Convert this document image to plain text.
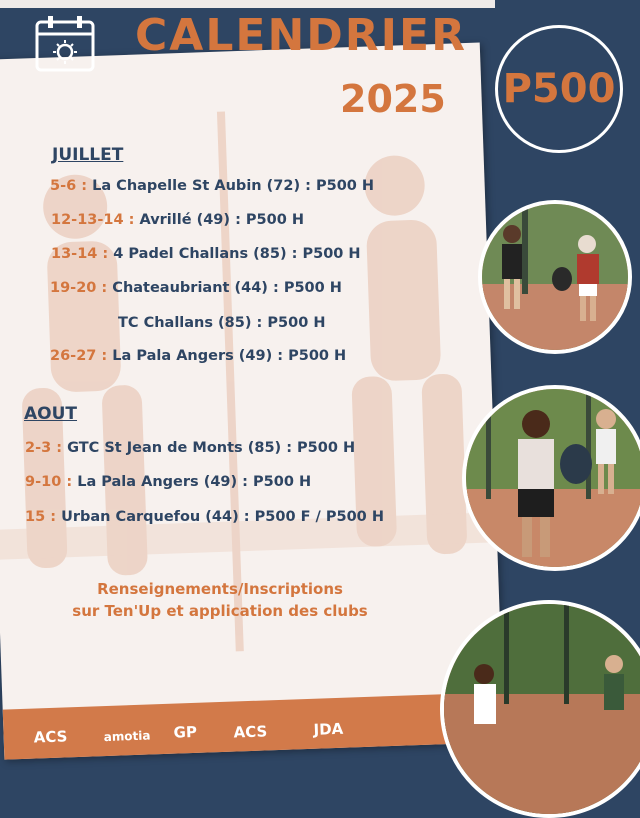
ACS	amotia GP ACS	JDA
CALENDRIER
2025 P500
JUILLET
5-6 : La Chapelle St Aubin (72) : P500 H
12-13-14 : Avrillé (49) : P500 H
13-14 : 4 Padel Challans (85) : P500 H
19-20 : Chateaubriant (44) : P500 H
TC Challans (85) : P500 H
26-27 : La Pala Angers (49) : P500 H
AOUT
2-3 : GTC St Jean de Monts (85) : P500 H
9-10 : La Pala Angers (49) : P500 H
15 : Urban Carquefou (44) : P500 F / P500 H
Renseignements/Inscriptions
sur Ten'Up et application des clubs
